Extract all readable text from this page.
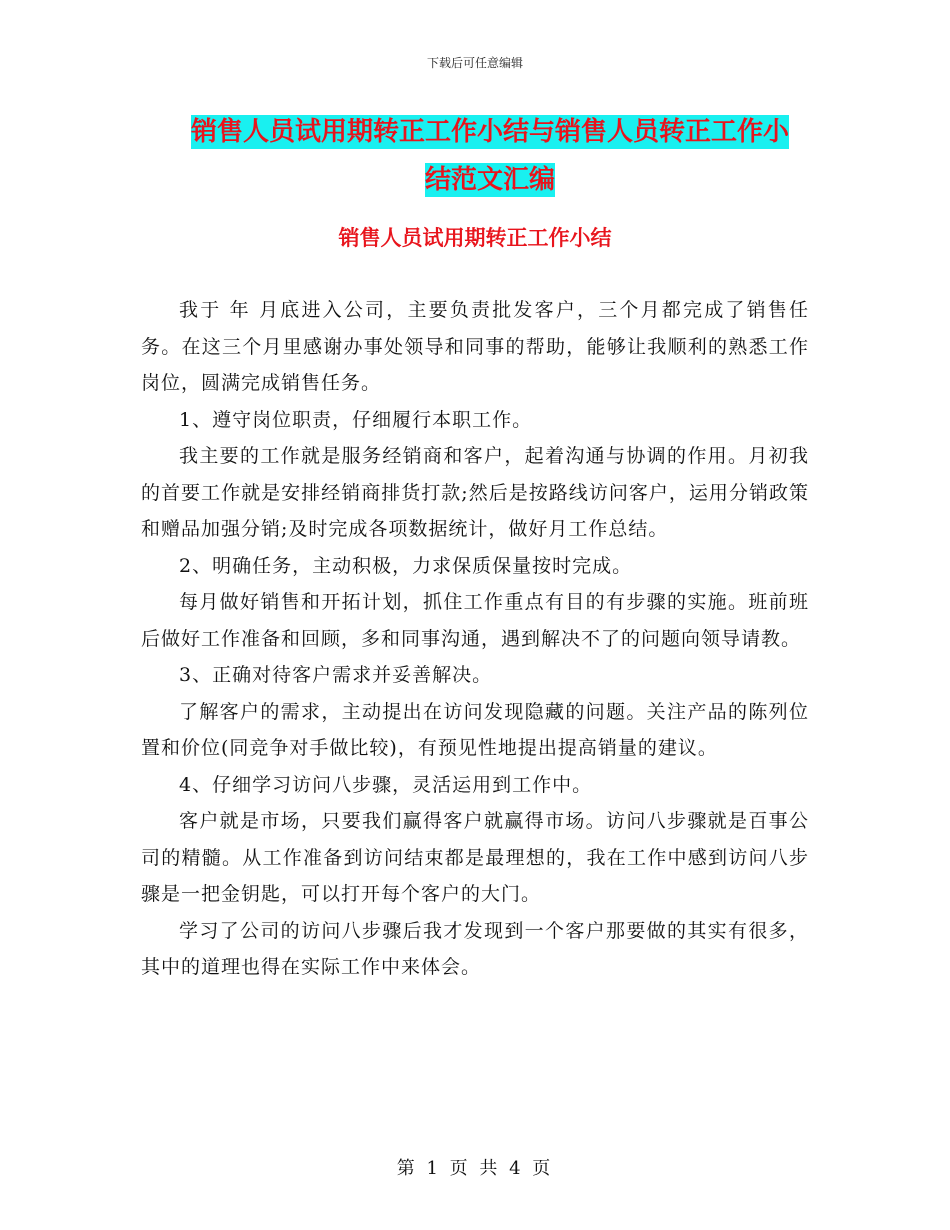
下载后可任意编辑
销售人员试用期转正工作小结与销售人员转正工作小
结范文汇编
销售人员试用期转正工作小结

我于 年 月底进入公司，主要负责批发客户，三个月都完成了销售任务。在这三个月里感谢办事处领导和同事的帮助，能够让我顺利的熟悉工作岗位，圆满完成销售任务。

1、遵守岗位职责，仔细履行本职工作。

我主要的工作就是服务经销商和客户，起着沟通与协调的作用。月初我的首要工作就是安排经销商排货打款;然后是按路线访问客户，运用分销政策和赠品加强分销;及时完成各项数据统计，做好月工作总结。

2、明确任务，主动积极，力求保质保量按时完成。

每月做好销售和开拓计划，抓住工作重点有目的有步骤的实施。班前班后做好工作准备和回顾，多和同事沟通，遇到解决不了的问题向领导请教。

3、正确对待客户需求并妥善解决。

了解客户的需求，主动提出在访问发现隐藏的问题。关注产品的陈列位置和价位(同竞争对手做比较)，有预见性地提出提高销量的建议。

4、仔细学习访问八步骤，灵活运用到工作中。

客户就是市场，只要我们赢得客户就赢得市场。访问八步骤就是百事公司的精髓。从工作准备到访问结束都是最理想的，我在工作中感到访问八步骤是一把金钥匙，可以打开每个客户的大门。

学习了公司的访问八步骤后我才发现到一个客户那要做的其实有很多，其中的道理也得在实际工作中来体会。

第 1 页 共 4 页
